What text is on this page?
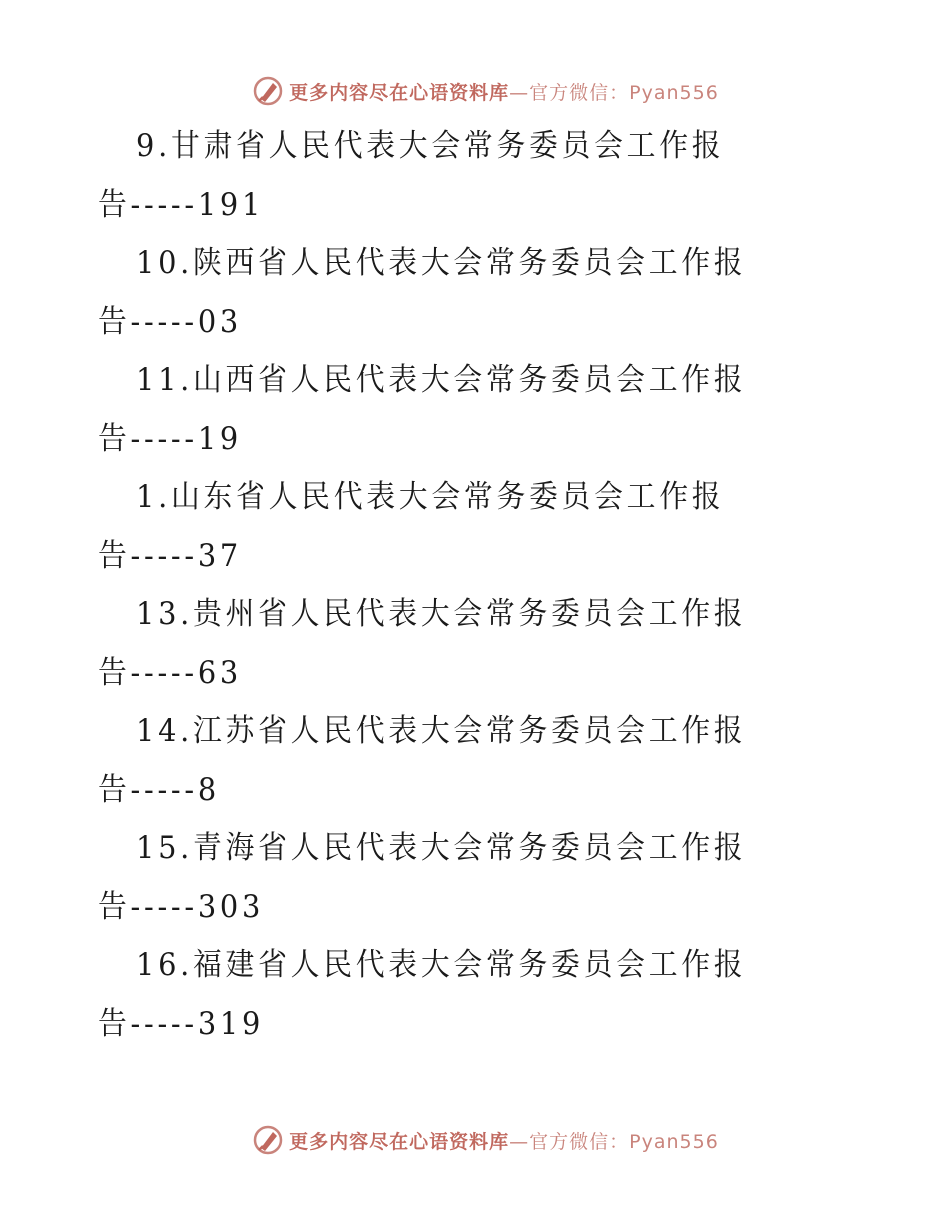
更多内容尽在心语资料库—官方微信：Pyan556
9.甘肃省人民代表大会常务委员会工作报
告-----191
10.陕西省人民代表大会常务委员会工作报
告-----03
11.山西省人民代表大会常务委员会工作报
告-----19
1.山东省人民代表大会常务委员会工作报
告-----37
13.贵州省人民代表大会常务委员会工作报
告-----63
14.江苏省人民代表大会常务委员会工作报
告-----8
15.青海省人民代表大会常务委员会工作报
告-----303
16.福建省人民代表大会常务委员会工作报
告-----319
更多内容尽在心语资料库—官方微信：Pyan556
